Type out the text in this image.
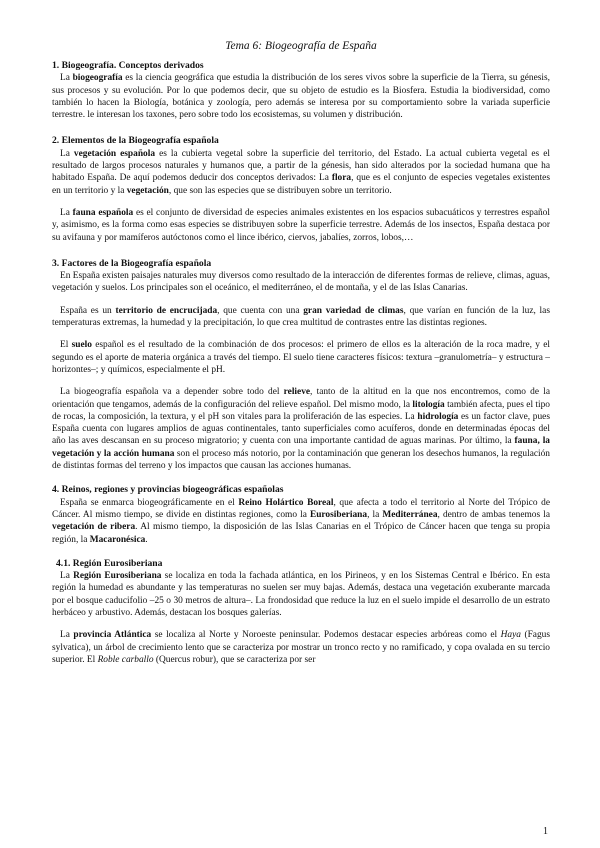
Tema 6: Biogeografía de España
1. Biogeografía. Conceptos derivados

La biogeografía es la ciencia geográfica que estudia la distribución de los seres vivos sobre la superficie de la Tierra, su génesis, sus procesos y su evolución. Por lo que podemos decir, que su objeto de estudio es la Biosfera. Estudia la biodiversidad, como también lo hacen la Biología, botánica y zoología, pero además se interesa por su comportamiento sobre la variada superficie terrestre. le interesan los taxones, pero sobre todo los ecosistemas, su volumen y distribución.

2. Elementos de la Biogeografía española

La vegetación española es la cubierta vegetal sobre la superficie del territorio, del Estado. La actual cubierta vegetal es el resultado de largos procesos naturales y humanos que, a partir de la génesis, han sido alterados por la sociedad humana que ha habitado España. De aquí podemos deducir dos conceptos derivados: La flora, que es el conjunto de especies vegetales existentes en un territorio y la vegetación, que son las especies que se distribuyen sobre un territorio.

La fauna española es el conjunto de diversidad de especies animales existentes en los espacios subacuáticos y terrestres español y, asimismo, es la forma como esas especies se distribuyen sobre la superficie terrestre. Además de los insectos, España destaca por su avifauna y por mamíferos autóctonos como el lince ibérico, ciervos, jabalíes, zorros, lobos,…

3. Factores de la Biogeografía española

En España existen paisajes naturales muy diversos como resultado de la interacción de diferentes formas de relieve, climas, aguas, vegetación y suelos. Los principales son el oceánico, el mediterráneo, el de montaña, y el de las Islas Canarias.

España es un territorio de encrucijada, que cuenta con una gran variedad de climas, que varían en función de la luz, las temperaturas extremas, la humedad y la precipitación, lo que crea multitud de contrastes entre las distintas regiones.

El suelo español es el resultado de la combinación de dos procesos: el primero de ellos es la alteración de la roca madre, y el segundo es el aporte de materia orgánica a través del tiempo. El suelo tiene caracteres físicos: textura –granulometría– y estructura –horizontes–; y químicos, especialmente el pH.

La biogeografía española va a depender sobre todo del relieve, tanto de la altitud en la que nos encontremos, como de la orientación que tengamos, además de la configuración del relieve español. Del mismo modo, la litología también afecta, pues el tipo de rocas, la composición, la textura, y el pH son vitales para la proliferación de las especies. La hidrología es un factor clave, pues España cuenta con lugares amplios de aguas continentales, tanto superficiales como acuíferos, donde en determinadas épocas del año las aves descansan en su proceso migratorio; y cuenta con una importante cantidad de aguas marinas. Por último, la fauna, la vegetación y la acción humana son el proceso más notorio, por la contaminación que generan los desechos humanos, la regulación de distintas formas del terreno y los impactos que causan las acciones humanas.

4. Reinos, regiones y provincias biogeográficas españolas

España se enmarca biogeográficamente en el Reino Holártico Boreal, que afecta a todo el territorio al Norte del Trópico de Cáncer. Al mismo tiempo, se divide en distintas regiones, como la Eurosiberiana, la Mediterránea, dentro de ambas tenemos la vegetación de ribera. Al mismo tiempo, la disposición de las Islas Canarias en el Trópico de Cáncer hacen que tenga su propia región, la Macaronésica.

4.1. Región Eurosiberiana

La Región Eurosiberiana se localiza en toda la fachada atlántica, en los Pirineos, y en los Sistemas Central e Ibérico. En esta región la humedad es abundante y las temperaturas no suelen ser muy bajas. Además, destaca una vegetación exuberante marcada por el bosque caducifolio –25 o 30 metros de altura–. La frondosidad que reduce la luz en el suelo impide el desarrollo de un estrato herbáceo y arbustivo. Además, destacan los bosques galerías.

La provincia Atlántica se localiza al Norte y Noroeste peninsular. Podemos destacar especies arbóreas como el Haya (Fagus sylvatica), un árbol de crecimiento lento que se caracteriza por mostrar un tronco recto y no ramificado, y copa ovalada en su tercio superior. El Roble carballo (Quercus robur), que se caracteriza por ser

1
